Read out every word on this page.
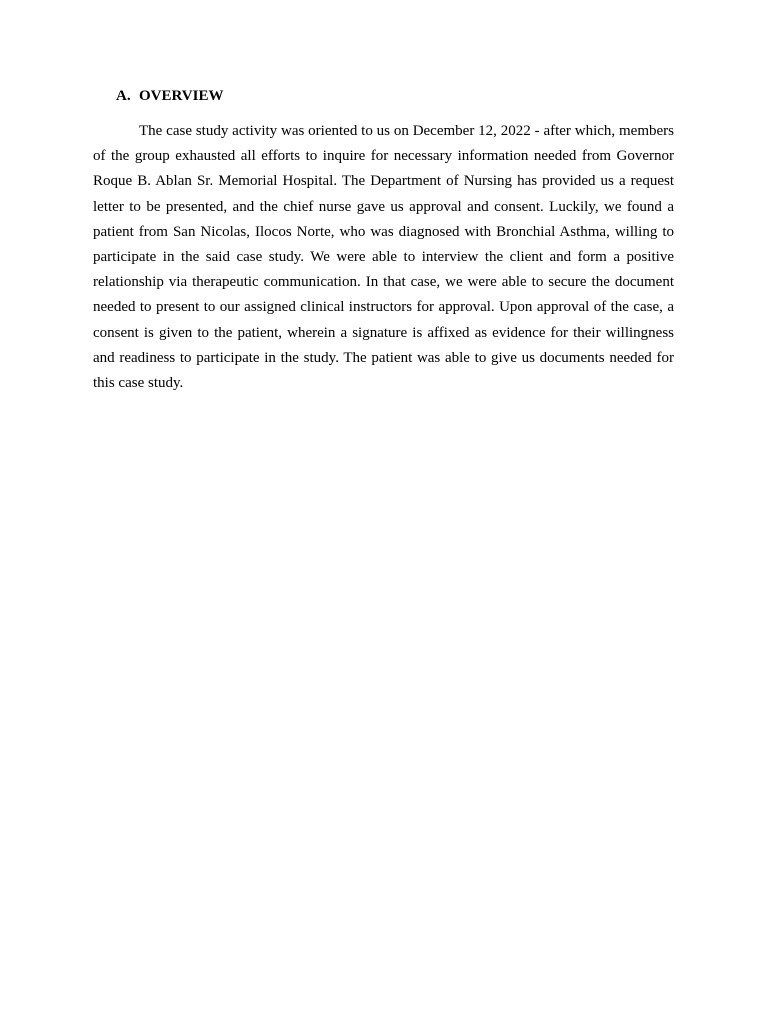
A. OVERVIEW

The case study activity was oriented to us on December 12, 2022 - after which, members of the group exhausted all efforts to inquire for necessary information needed from Governor Roque B. Ablan Sr. Memorial Hospital. The Department of Nursing has provided us a request letter to be presented, and the chief nurse gave us approval and consent. Luckily, we found a patient from San Nicolas, Ilocos Norte, who was diagnosed with Bronchial Asthma, willing to participate in the said case study. We were able to interview the client and form a positive relationship via therapeutic communication. In that case, we were able to secure the document needed to present to our assigned clinical instructors for approval. Upon approval of the case, a consent is given to the patient, wherein a signature is affixed as evidence for their willingness and readiness to participate in the study. The patient was able to give us documents needed for this case study.
